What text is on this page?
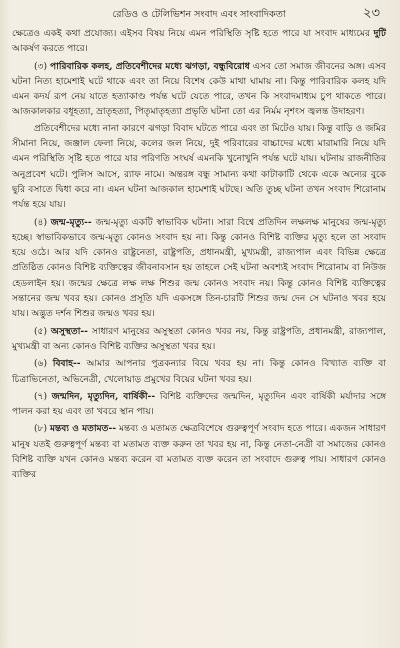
রেডিও ও টেলিভিশন সংবাদ এবং সাংবাদিকতা	২৩

ক্ষেত্রেও একই কথা প্রযোজ্য। এইসব বিষয় নিয়ে এমন পরিস্থিতি সৃষ্টি হতে পারে যা সংবাদ মাধ্যমের দুটি আকর্ষণ করতে পারে।

(৩) পারিবারিক কলহ, প্রতিবেশীদের মধ্যে ঝগড়া, বন্ধুবিরোধ এসব তো সমাজ জীবনের অঙ্গ। এসব ঘটনা নিত্য হামেশাই ঘটে থাকে এবং তা নিয়ে বিশেষ কেউ মাথা ঘামায় না। কিন্তু পারিবারিক কলহ যদি এমন কদর্য রূপ নেয় যাতে হত্যাকাণ্ড পর্যন্ত ঘটে যেতে পারে, তখন কি সংবাদমাধ্যম চুপ থাকতে পারে। আজকালকার বধূহত্যা, ভ্রাতৃহত্যা, পিতৃমাতৃহত্যা প্রভৃতি ঘটনা তো এর নির্মম নৃশংস জ্বলন্ত উদাহরণ।

প্রতিবেশীদের মধ্যে নানা কারণে ঝগড়া বিবাদ ঘটতে পারে এবং তা মিটেও যায়। কিন্তু বাড়ি ও জমির সীমানা নিয়ে, জঞ্জাল ফেলা নিয়ে, কলের জল নিয়ে, দুই পরিবারের বাচ্চাদের মধ্যে মারামারি নিয়ে যদি এমন পরিস্থিতি সৃষ্টি হতে পারে যার পরিণতি সংঘর্ষ এমনকি খুনোখুনি পর্যন্ত ঘটে যায়। ঘটনায় রাজনীতির অনুপ্রবেশ ঘটে। পুলিস আসে, র‍্যাফ নামে। অন্তরঙ্গ বন্ধু সামান্য কথা কাটাকাটি থেকে একে অন্যের বুকে ছুরি বসাতে দ্বিধা করে না। এমন ঘটনা আজকাল হামেশাই ঘটছে। অতি তুচ্ছ ঘটনা তখন সংবাদ শিরোনাম পর্যন্ত হয়ে যায়।

(৪) জন্ম-মৃত্যু-- জন্ম-মৃত্যু একটি স্বাভাবিক ঘটনা। সারা বিশ্বে প্রতিদিন লক্ষলক্ষ মানুষের জন্ম-মৃত্যু হচ্ছে। স্বাভাবিকভাবে জন্ম-মৃত্যু কোনও সংবাদ হয় না। কিন্তু কোনও বিশিষ্ট ব্যক্তির মৃত্যু হলে তা সংবাদ হয়ে ওঠে। আর যদি কোনও রাষ্ট্রনেতা, রাষ্ট্রপতি, প্রধানমন্ত্রী, মুখ্যমন্ত্রী, রাজ্যপাল এবং বিভিন্ন ক্ষেত্রে প্রতিষ্ঠিত কোনও বিশিষ্ট ব্যক্তিত্বের জীবনাবসান হয় তাহলে সেই ঘটনা অবশ্যই সংবাদ শিরোনাম বা নিউজ হেডলাইন হয়। জন্মের ক্ষেত্রে লক্ষ লক্ষ শিশুর জন্ম কোনও সংবাদ নয়। কিন্তু কোনও বিশিষ্ট ব্যক্তিত্বের সন্তানের জন্ম খবর হয়। কোনও প্রসূতি যদি একসঙ্গে তিন-চারটি শিশুর জন্ম দেন সে ঘটনাও খবর হয়ে যায়। অদ্ভুত দর্শন শিশুর জন্মও খবর হয়।

(৫) অসুস্থতা-- সাধারণ মানুষের অসুস্থতা কোনও খবর নয়, কিন্তু রাষ্ট্রপতি, প্রধানমন্ত্রী, রাজ্যপাল, মুখ্যমন্ত্রী বা অন্য কোনও বিশিষ্ট ব্যক্তির অসুস্থতা খবর হয়।

(৬) বিবাহ-- আমার আপনার পুত্রকন্যার বিয়ে খবর হয় না। কিন্তু কোনও বিখ্যাত ব্যক্তি বা চিত্রাভিনেতা, অভিনেত্রী, খেলোয়াড় প্রমুখের বিয়ের ঘটনা খবর হয়।

(৭) জন্মদিন, মৃত্যুদিন, বার্ষিকী-- বিশিষ্ট ব্যক্তিদের জন্মদিন, মৃত্যুদিন এবং বার্ষিকী মর্যাদার সঙ্গে পালন করা হয় এবং তা খবরে স্থান পায়।

(৮) মন্তব্য ও মতামত-- মন্তব্য ও মতামত ক্ষেত্রবিশেষে গুরুত্বপূর্ণ সংবাদ হতে পারে। একজন সাধারণ মানুষ যতই গুরুত্বপূর্ণ মন্তব্য বা মতামত ব্যক্ত করুন তা খবর হয় না, কিন্তু নেতা-নেত্রী বা সমাজের কোনও বিশিষ্ট ব্যক্তি যখন কোনও মন্তব্য করেন বা মতামত ব্যক্ত করেন তা সংবাদে গুরুত্ব পায়। সাধারণ কোনও ব্যক্তির
